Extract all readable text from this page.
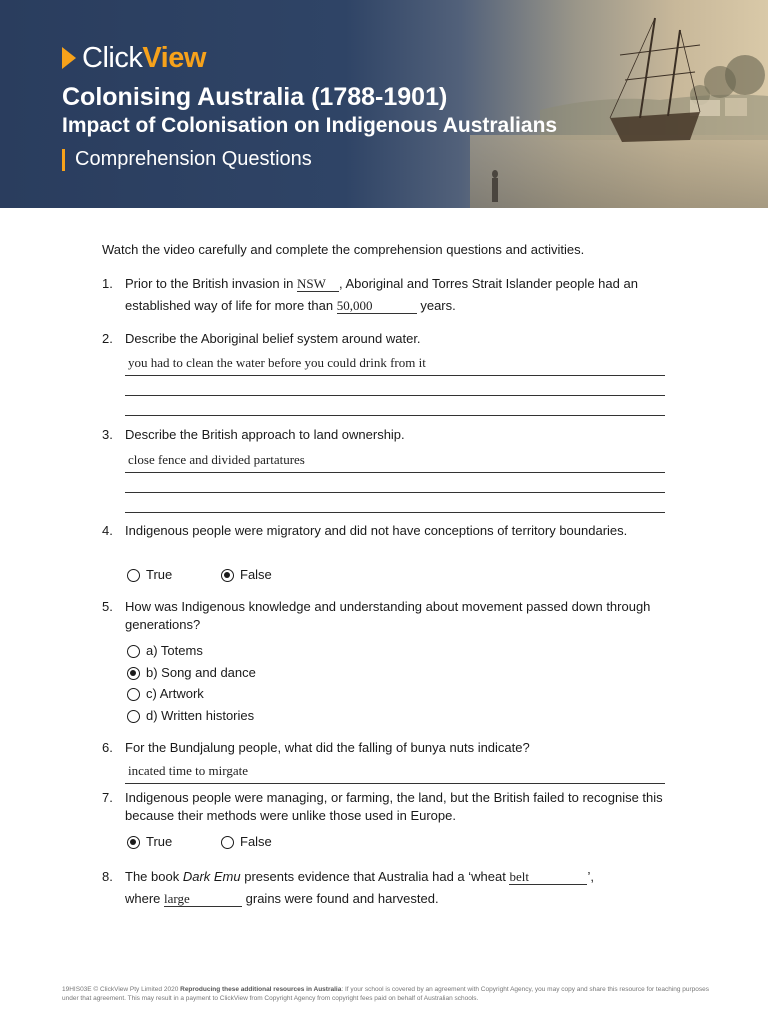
Click View
Colonising Australia (1788-1901)
Impact of Colonisation on Indigenous Australians
Comprehension Questions
Watch the video carefully and complete the comprehension questions and activities.
1. Prior to the British invasion in NSW , Aboriginal and Torres Strait Islander people had an established way of life for more than 50,000	years.
2. Describe the Aboriginal belief system around water.
you had to clean the water before you could drink from it
3. Describe the British approach to land ownership.
close fence and divided partatures
4. Indigenous people were migratory and did not have conceptions of territory boundaries.
True	False
5. How was Indigenous knowledge and understanding about movement passed down through generations?
a) Totems
b) Song and dance
c) Artwork
d) Written histories
6. For the Bundjalung people, what did the falling of bunya nuts indicate?
incated time to mirgate
7. Indigenous people were managing, or farming, the land, but the British failed to recognise this because their methods were unlike those used in Europe.
True	False
8. The book Dark Emu presents evidence that Australia had a ‘wheat belt	’,
where large	grains were found and harvested.
19HIS03E © ClickView Pty Limited 2020 Reproducing these additional resources in Australia: If your school is covered by an agreement with Copyright Agency, you may copy and share this resource for teaching purposes under that agreement. This may result in a payment to ClickView from Copyright Agency from copyright fees paid on behalf of Australian schools.
